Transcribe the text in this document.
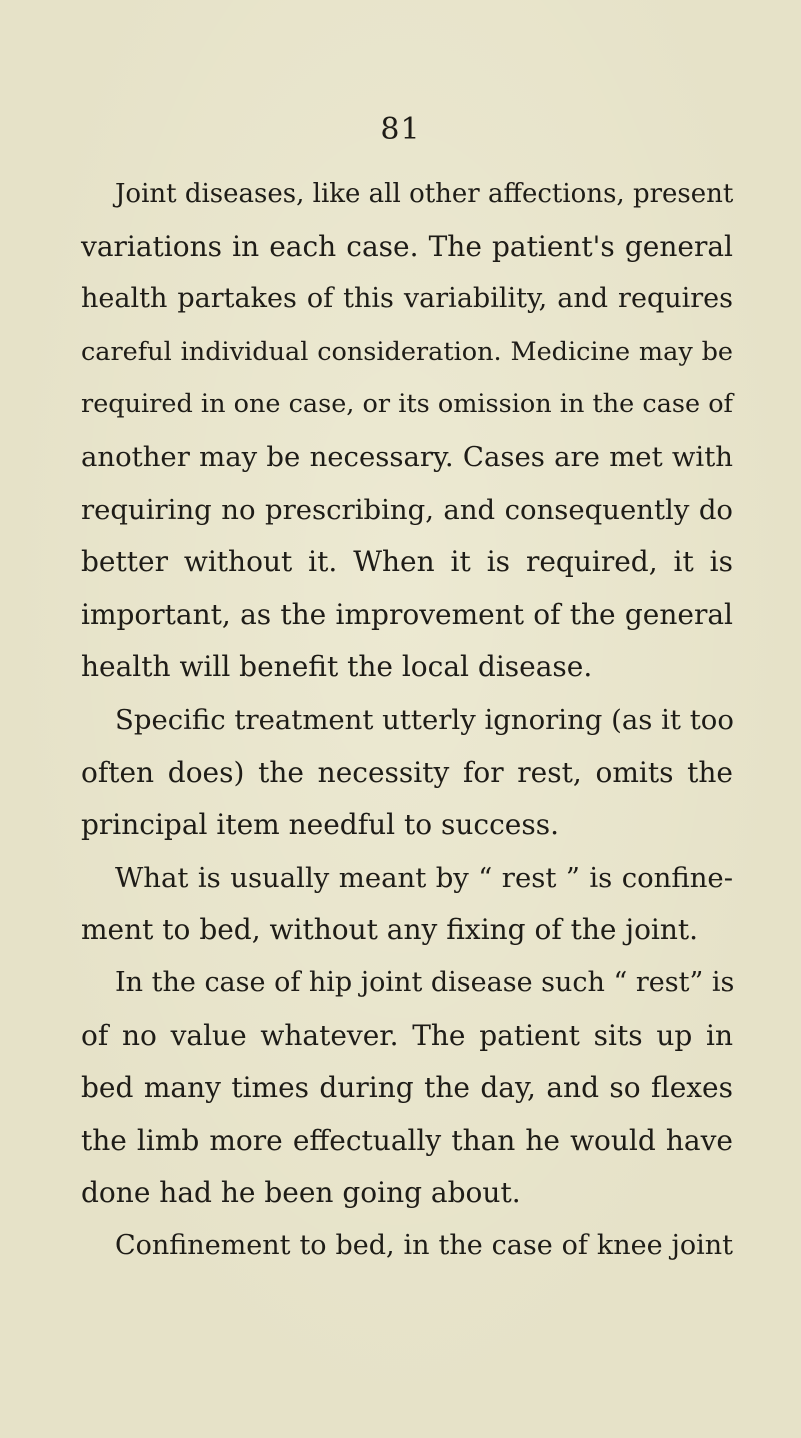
81
Joint diseases, like all other affections, present
variations in each case. The patient's general
health partakes of this variability, and requires
careful individual consideration. Medicine may be
required in one case, or its omission in the case of
another may be necessary. Cases are met with
requiring no prescribing, and consequently do
better without it. When it is required, it is
important, as the improvement of the general
health will benefit the local disease.
Specific treatment utterly ignoring (as it too
often does) the necessity for rest, omits the
principal item needful to success.
What is usually meant by “ rest ” is confine-
ment to bed, without any fixing of the joint.
In the case of hip joint disease such “ rest” is
of no value whatever. The patient sits up in
bed many times during the day, and so flexes
the limb more effectually than he would have
done had he been going about.
Confinement to bed, in the case of knee joint
